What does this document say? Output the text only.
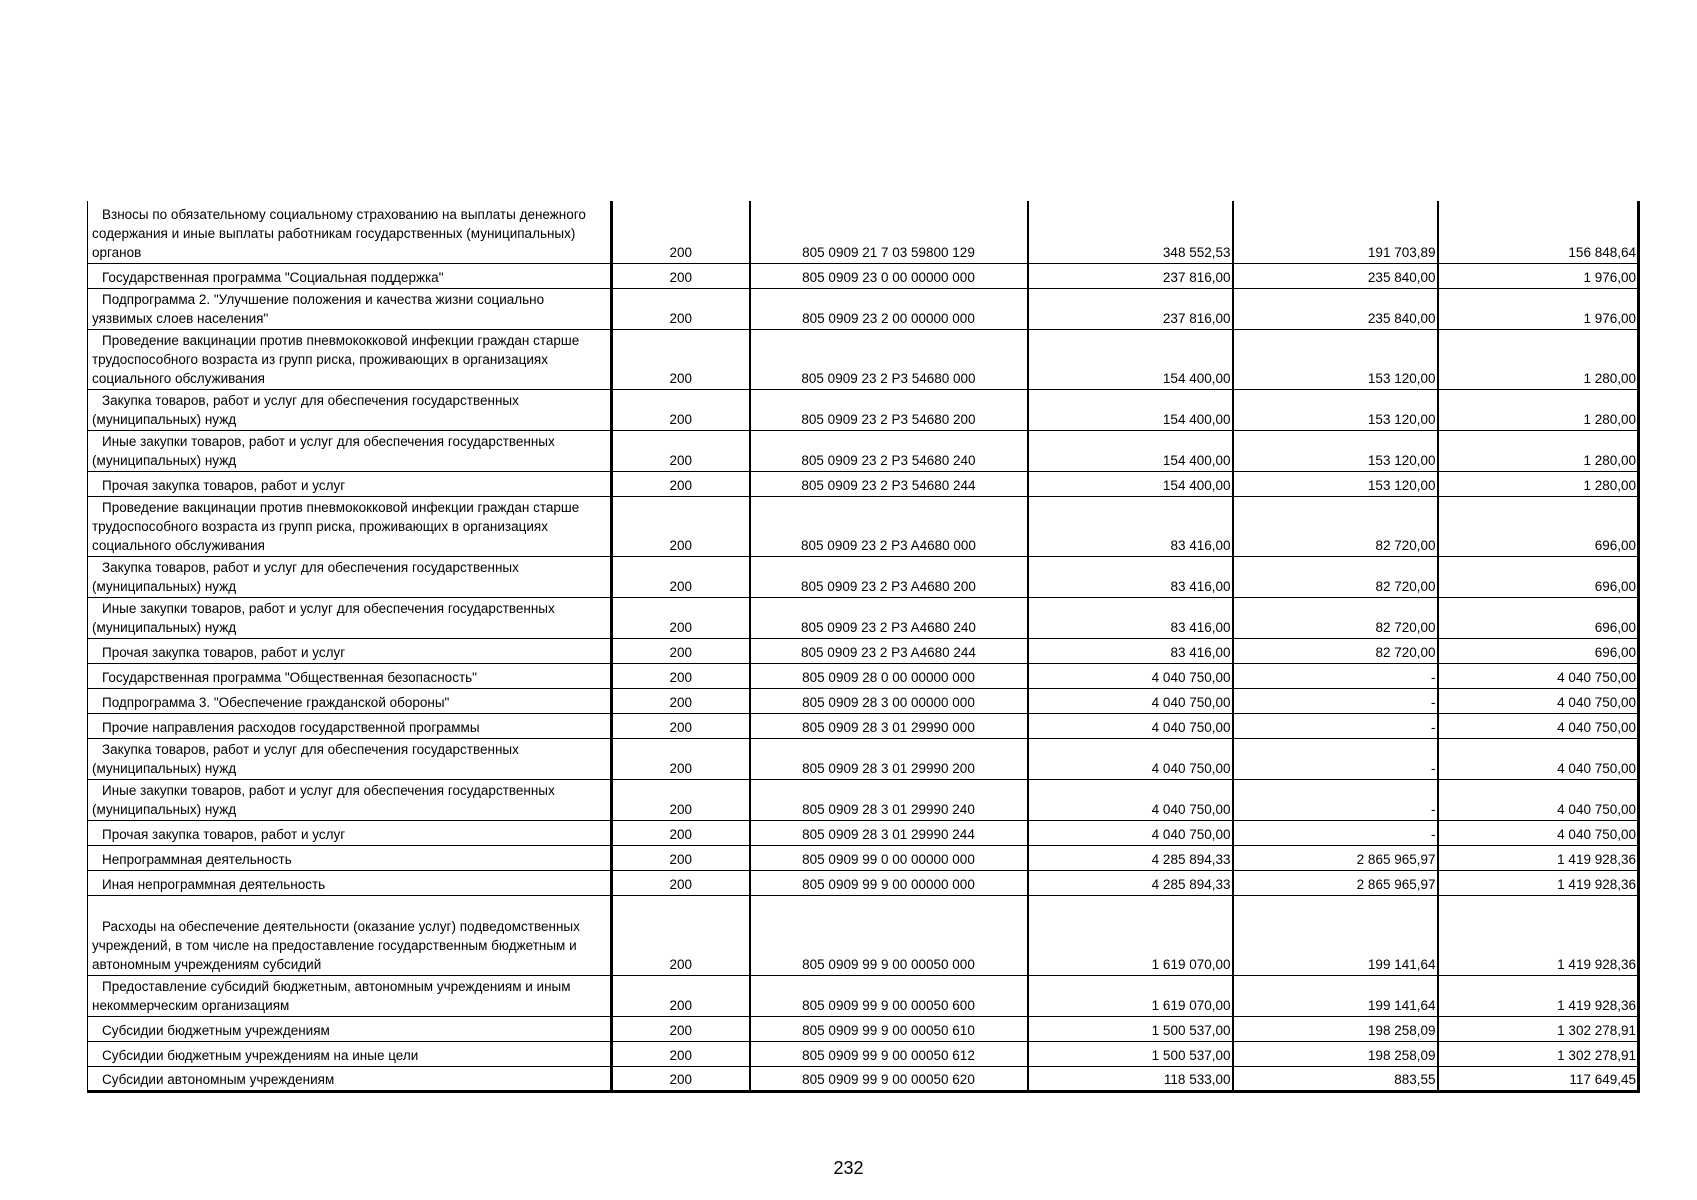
Взносы по обязательному социальному страхованию на выплаты денежного содержания и иные выплаты работникам государственных (муниципальных) органов	200	805 0909 21 7 03 59800 129	348 552,53	191 703,89	156 848,64

Государственная программа "Социальная поддержка"	200	805 0909 23 0 00 00000 000	237 816,00	235 840,00	1 976,00

Подпрограмма 2. "Улучшение положения и качества жизни социально уязвимых слоев населения"	200	805 0909 23 2 00 00000 000	237 816,00	235 840,00	1 976,00

Проведение вакцинации против пневмококковой инфекции граждан старше трудоспособного возраста из групп риска, проживающих в организациях социального обслуживания	200	805 0909 23 2 P3 54680 000	154 400,00	153 120,00	1 280,00

Закупка товаров, работ и услуг для обеспечения государственных (муниципальных) нужд	200	805 0909 23 2 P3 54680 200	154 400,00	153 120,00	1 280,00

Иные закупки товаров, работ и услуг для обеспечения государственных (муниципальных) нужд	200	805 0909 23 2 P3 54680 240	154 400,00	153 120,00	1 280,00

Прочая закупка товаров, работ и услуг	200	805 0909 23 2 P3 54680 244	154 400,00	153 120,00	1 280,00

Проведение вакцинации против пневмококковой инфекции граждан старше трудоспособного возраста из групп риска, проживающих в организациях социального обслуживания	200	805 0909 23 2 P3 A4680 000	83 416,00	82 720,00	696,00

Закупка товаров, работ и услуг для обеспечения государственных (муниципальных) нужд	200	805 0909 23 2 P3 A4680 200	83 416,00	82 720,00	696,00

Иные закупки товаров, работ и услуг для обеспечения государственных (муниципальных) нужд	200	805 0909 23 2 P3 A4680 240	83 416,00	82 720,00	696,00

Прочая закупка товаров, работ и услуг	200	805 0909 23 2 P3 A4680 244	83 416,00	82 720,00	696,00

Государственная программа "Общественная безопасность"	200	805 0909 28 0 00 00000 000	4 040 750,00	-	4 040 750,00

Подпрограмма 3. "Обеспечение гражданской обороны"	200	805 0909 28 3 00 00000 000	4 040 750,00	-	4 040 750,00

Прочие направления расходов государственной программы	200	805 0909 28 3 01 29990 000	4 040 750,00	-	4 040 750,00

Закупка товаров, работ и услуг для обеспечения государственных (муниципальных) нужд	200	805 0909 28 3 01 29990 200	4 040 750,00	-	4 040 750,00

Иные закупки товаров, работ и услуг для обеспечения государственных (муниципальных) нужд	200	805 0909 28 3 01 29990 240	4 040 750,00	-	4 040 750,00

Прочая закупка товаров, работ и услуг	200	805 0909 28 3 01 29990 244	4 040 750,00	-	4 040 750,00

Непрограммная деятельность	200	805 0909 99 0 00 00000 000	4 285 894,33	2 865 965,97	1 419 928,36

Иная непрограммная деятельность	200	805 0909 99 9 00 00000 000	4 285 894,33	2 865 965,97	1 419 928,36

Расходы на обеспечение деятельности (оказание услуг) подведомственных учреждений, в том числе на предоставление государственным бюджетным и автономным учреждениям субсидий	200	805 0909 99 9 00 00050 000	1 619 070,00	199 141,64	1 419 928,36

Предоставление субсидий бюджетным, автономным учреждениям и иным некоммерческим организациям	200	805 0909 99 9 00 00050 600	1 619 070,00	199 141,64	1 419 928,36

Субсидии бюджетным учреждениям	200	805 0909 99 9 00 00050 610	1 500 537,00	198 258,09	1 302 278,91

Субсидии бюджетным учреждениям на иные цели	200	805 0909 99 9 00 00050 612	1 500 537,00	198 258,09	1 302 278,91

Субсидии автономным учреждениям	200	805 0909 99 9 00 00050 620	118 533,00	883,55	117 649,45
232
